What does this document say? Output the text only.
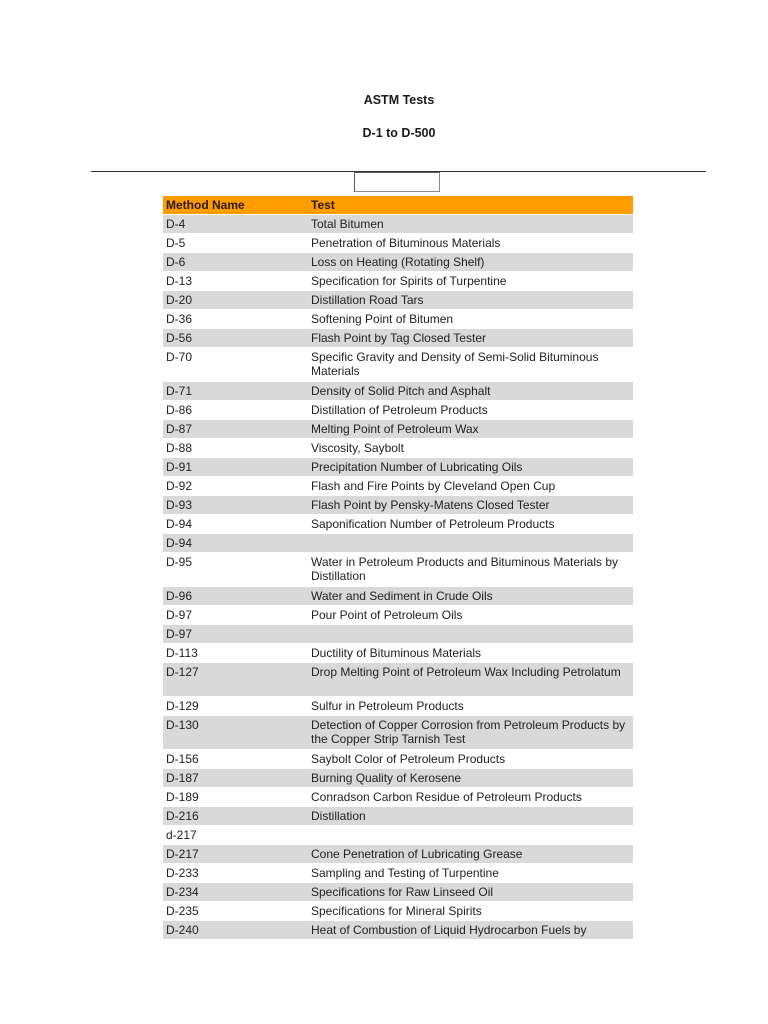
ASTM Tests
D-1 to D-500
Method Name	Test
D-4	Total Bitumen
D-5	Penetration of Bituminous Materials
D-6	Loss on Heating (Rotating Shelf)
D-13	Specification for Spirits of Turpentine
D-20	Distillation Road Tars
D-36	Softening Point of Bitumen
D-56	Flash Point by Tag Closed Tester
D-70	Specific Gravity and Density of Semi-Solid Bituminous Materials
D-71	Density of Solid Pitch and Asphalt
D-86	Distillation of Petroleum Products
D-87	Melting Point of Petroleum Wax
D-88	Viscosity, Saybolt
D-91	Precipitation Number of Lubricating Oils
D-92	Flash and Fire Points by Cleveland Open Cup
D-93	Flash Point by Pensky-Matens Closed Tester
D-94	Saponification Number of Petroleum Products
D-94
D-95	Water in Petroleum Products and Bituminous Materials by Distillation
D-96	Water and Sediment in Crude Oils
D-97	Pour Point of Petroleum Oils
D-97
D-113	Ductility of Bituminous Materials
D-127	Drop Melting Point of Petroleum Wax Including Petrolatum
D-129	Sulfur in Petroleum Products
D-130	Detection of Copper Corrosion from Petroleum Products by the Copper Strip Tarnish Test
D-156	Saybolt Color of Petroleum Products
D-187	Burning Quality of Kerosene
D-189	Conradson Carbon Residue of Petroleum Products
D-216	Distillation
d-217
D-217	Cone Penetration of Lubricating Grease
D-233	Sampling and Testing of Turpentine
D-234	Specifications for Raw Linseed Oil
D-235	Specifications for Mineral Spirits
D-240	Heat of Combustion of Liquid Hydrocarbon Fuels by
